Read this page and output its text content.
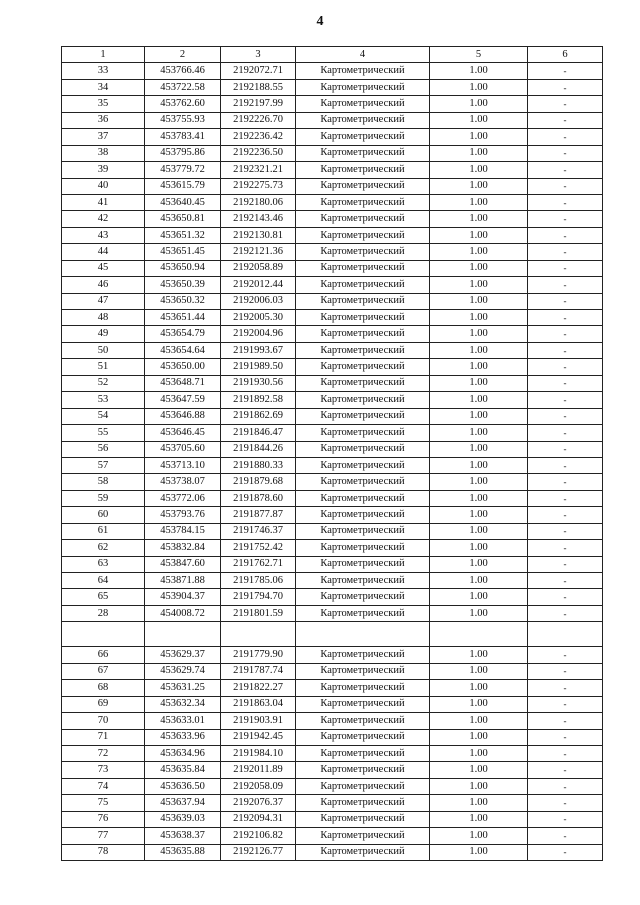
4
1	2	3	4	5	6
33	453766.46	2192072.71	Картометрический	1.00	-
34	453722.58	2192188.55	Картометрический	1.00	-
35	453762.60	2192197.99	Картометрический	1.00	-
36	453755.93	2192226.70	Картометрический	1.00	-
37	453783.41	2192236.42	Картометрический	1.00	-
38	453795.86	2192236.50	Картометрический	1.00	-
39	453779.72	2192321.21	Картометрический	1.00	-
40	453615.79	2192275.73	Картометрический	1.00	-
41	453640.45	2192180.06	Картометрический	1.00	-
42	453650.81	2192143.46	Картометрический	1.00	-
43	453651.32	2192130.81	Картометрический	1.00	-
44	453651.45	2192121.36	Картометрический	1.00	-
45	453650.94	2192058.89	Картометрический	1.00	-
46	453650.39	2192012.44	Картометрический	1.00	-
47	453650.32	2192006.03	Картометрический	1.00	-
48	453651.44	2192005.30	Картометрический	1.00	-
49	453654.79	2192004.96	Картометрический	1.00	-
50	453654.64	2191993.67	Картометрический	1.00	-
51	453650.00	2191989.50	Картометрический	1.00	-
52	453648.71	2191930.56	Картометрический	1.00	-
53	453647.59	2191892.58	Картометрический	1.00	-
54	453646.88	2191862.69	Картометрический	1.00	-
55	453646.45	2191846.47	Картометрический	1.00	-
56	453705.60	2191844.26	Картометрический	1.00	-
57	453713.10	2191880.33	Картометрический	1.00	-
58	453738.07	2191879.68	Картометрический	1.00	-
59	453772.06	2191878.60	Картометрический	1.00	-
60	453793.76	2191877.87	Картометрический	1.00	-
61	453784.15	2191746.37	Картометрический	1.00	-
62	453832.84	2191752.42	Картометрический	1.00	-
63	453847.60	2191762.71	Картометрический	1.00	-
64	453871.88	2191785.06	Картометрический	1.00	-
65	453904.37	2191794.70	Картометрический	1.00	-
28	454008.72	2191801.59	Картометрический	1.00	-

66	453629.37	2191779.90	Картометрический	1.00	-
67	453629.74	2191787.74	Картометрический	1.00	-
68	453631.25	2191822.27	Картометрический	1.00	-
69	453632.34	2191863.04	Картометрический	1.00	-
70	453633.01	2191903.91	Картометрический	1.00	-
71	453633.96	2191942.45	Картометрический	1.00	-
72	453634.96	2191984.10	Картометрический	1.00	-
73	453635.84	2192011.89	Картометрический	1.00	-
74	453636.50	2192058.09	Картометрический	1.00	-
75	453637.94	2192076.37	Картометрический	1.00	-
76	453639.03	2192094.31	Картометрический	1.00	-
77	453638.37	2192106.82	Картометрический	1.00	-
78	453635.88	2192126.77	Картометрический	1.00	-
